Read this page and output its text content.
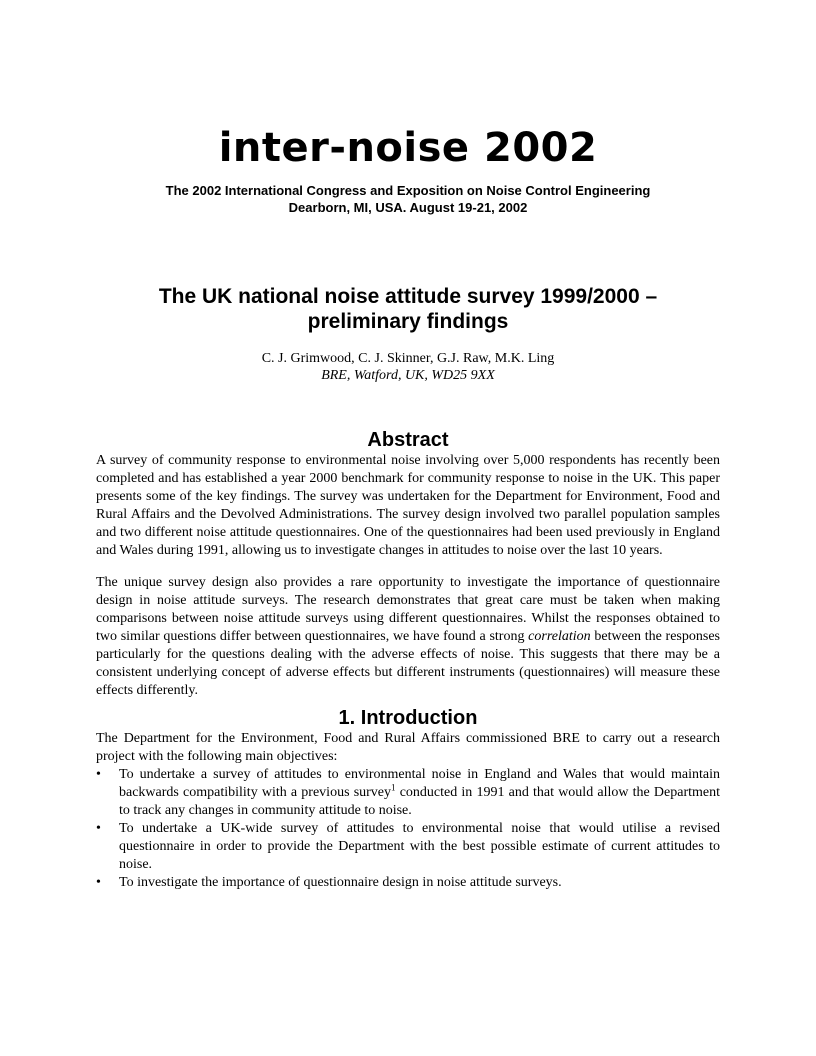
inter-noise 2002
The 2002 International Congress and Exposition on Noise Control Engineering
Dearborn, MI, USA. August 19-21, 2002
The UK national noise attitude survey 1999/2000 –
preliminary findings
C. J. Grimwood, C. J. Skinner, G.J. Raw, M.K. Ling
BRE, Watford, UK, WD25 9XX
Abstract

A survey of community response to environmental noise involving over 5,000 respondents has recently been completed and has established a year 2000 benchmark for community response to noise in the UK. This paper presents some of the key findings. The survey was undertaken for the Department for Environment, Food and Rural Affairs and the Devolved Administrations. The survey design involved two parallel population samples and two different noise attitude questionnaires. One of the questionnaires had been used previously in England and Wales during 1991, allowing us to investigate changes in attitudes to noise over the last 10 years.

The unique survey design also provides a rare opportunity to investigate the importance of questionnaire design in noise attitude surveys. The research demonstrates that great care must be taken when making comparisons between noise attitude surveys using different questionnaires. Whilst the responses obtained to two similar questions differ between questionnaires, we have found a strong correlation between the responses particularly for the questions dealing with the adverse effects of noise. This suggests that there may be a consistent underlying concept of adverse effects but different instruments (questionnaires) will measure these effects differently.

1. Introduction

The Department for the Environment, Food and Rural Affairs commissioned BRE to carry out a research project with the following main objectives:

• To undertake a survey of attitudes to environmental noise in England and Wales that would maintain backwards compatibility with a previous survey$^1$ conducted in 1991 and that would allow the Department to track any changes in community attitude to noise.
• To undertake a UK-wide survey of attitudes to environmental noise that would utilise a revised questionnaire in order to provide the Department with the best possible estimate of current attitudes to noise.
• To investigate the importance of questionnaire design in noise attitude surveys.
